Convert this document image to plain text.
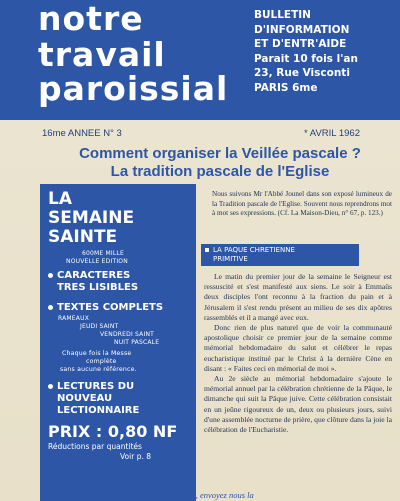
notre
travail
paroissial
BULLETIN
D'INFORMATION
ET D'ENTR'AIDE
Parait 10 fois l'an
23, Rue Visconti
PARIS 6me
16me ANNEE N° 3	* AVRIL 1962
Comment organiser la Veillée pascale ?
La tradition pascale de l'Eglise
LA
SEMAINE
SAINTE
600ME MILLE
NOUVELLE EDITION
CARACTERES
TRES LISIBLES
TEXTES COMPLETS
RAMEAUX
JEUDI SAINT
VENDREDI SAINT
NUIT PASCALE
Chaque fois la Messe
complète
sans aucune référence.
LECTURES DU
NOUVEAU
LECTIONNAIRE
PRIX : 0,80 NF
Réductions par quantités
Voir p. 8
Nous suivons Mr l'Abbé Jounel dans son exposé lumineux de la Tradition pascale de l'Eglise. Souvent nous reprendrons mot à mot ses expressions. (Cf. La Maison-Dieu, n° 67, p. 123.)
LA PAQUE CHRETIENNE
PRIMITIVE

Le matin du premier jour de la semaine le Seigneur est ressuscité et s'est manifesté aux siens. Le soir à Emmaüs deux disciples l'ont reconnu à la fraction du pain et à Jérusalem il s'est rendu présent au milieu de ses dix apôtres rassemblés et il a mangé avec eux.

Donc rien de plus naturel que de voir la communauté apostolique choisir ce premier jour de la semaine comme mémorial hebdomadaire du salut et célébrer le repas eucharistique institué par le Christ à la dernière Cène en disant : « Faites ceci en mémorial de moi ».

Au 2e siècle au mémorial hebdomadaire s'ajoute le mémorial annuel par la célébration chrétienne de la Pâque, le dimanche qui suit la Pâque juive. Cette célébration consistait en un jeûne rigoureux de un, deux ou plusieurs jours, suivi d'une assemblée nocturne de prière, que clôture dans la joie la célébration de l'Eucharistie.

Si votre libraire n'a pas ce que vous désirez, envoyez nous la
